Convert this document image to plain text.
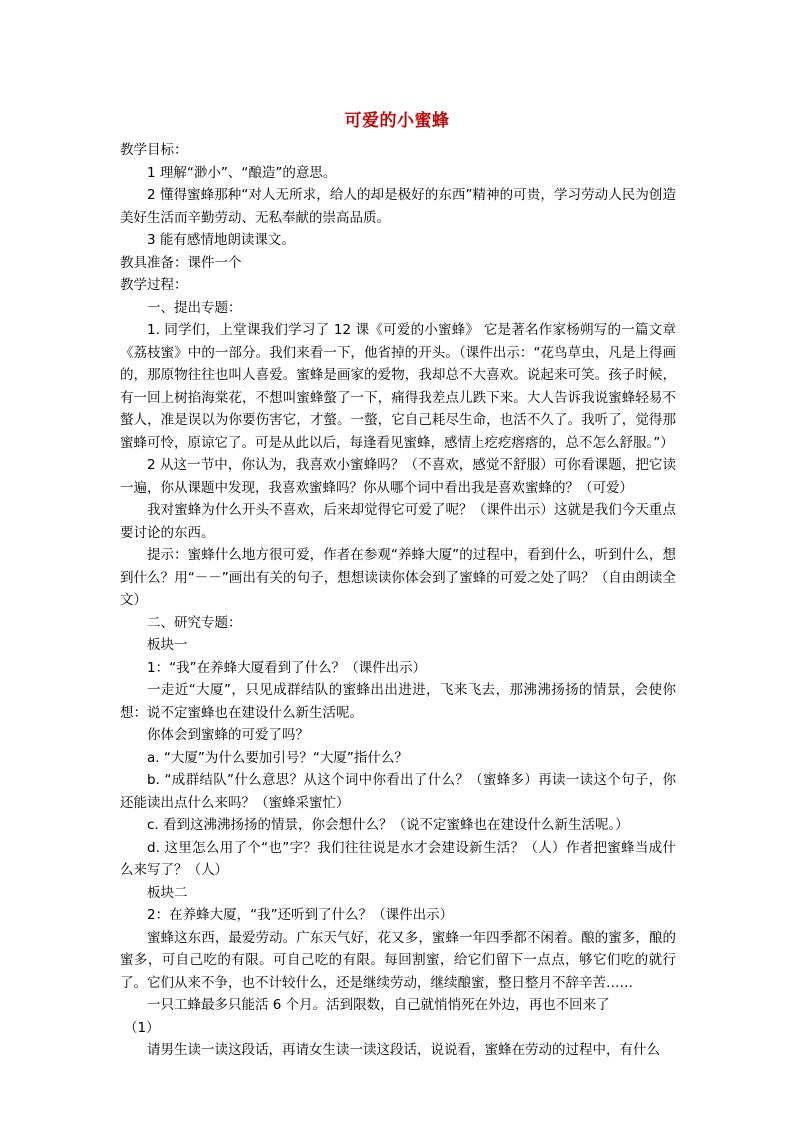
可爱的小蜜蜂

教学目标：

1 理解“渺小”、“酿造”的意思。

2 懂得蜜蜂那种“对人无所求，给人的却是极好的东西”精神的可贵，学习劳动人民为创造美好生活而辛勤劳动、无私奉献的崇高品质。

3 能有感情地朗读课文。

教具准备：课件一个

教学过程：

一、提出专题：

1. 同学们，上堂课我们学习了 12 课《可爱的小蜜蜂》 它是著名作家杨朔写的一篇文章《荔枝蜜》中的一部分。我们来看一下，他省掉的开头。（课件出示：“花鸟草虫，凡是上得画的，那原物往往也叫人喜爱。蜜蜂是画家的爱物，我却总不大喜欢。说起来可笑。孩子时候，有一回上树掐海棠花，不想叫蜜蜂螫了一下，痛得我差点儿跌下来。大人告诉我说蜜蜂轻易不螫人，准是误以为你要伤害它，才螫。一螫，它自己耗尽生命，也活不久了。我听了，觉得那蜜蜂可怜，原谅它了。可是从此以后，每逢看见蜜蜂，感情上疙疙瘩瘩的，总不怎么舒服。”）

2 从这一节中，你认为，我喜欢小蜜蜂吗？（不喜欢，感觉不舒服）可你看课题，把它读一遍，你从课题中发现，我喜欢蜜蜂吗？你从哪个词中看出我是喜欢蜜蜂的？（可爱）

我对蜜蜂为什么开头不喜欢，后来却觉得它可爱了呢？（课件出示）这就是我们今天重点要讨论的东西。

提示：蜜蜂什么地方很可爱，作者在参观“养蜂大厦”的过程中，看到什么，听到什么，想到什么？用“－－”画出有关的句子，想想读读你体会到了蜜蜂的可爱之处了吗？（自由朗读全文）

二、研究专题：

板块一

1：“我”在养蜂大厦看到了什么？（课件出示）

一走近“大厦”，只见成群结队的蜜蜂出出进进，飞来飞去，那沸沸扬扬的情景，会使你想：说不定蜜蜂也在建设什么新生活呢。

你体会到蜜蜂的可爱了吗？

a. “大厦”为什么要加引号？“大厦”指什么？

b. “成群结队”什么意思？从这个词中你看出了什么？（蜜蜂多）再读一读这个句子，你还能读出点什么来吗？（蜜蜂采蜜忙）

c. 看到这沸沸扬扬的情景，你会想什么？（说不定蜜蜂也在建设什么新生活呢。）

d. 这里怎么用了个“也”字？我们往往说是水才会建设新生活？（人）作者把蜜蜂当成什么来写了？（人）

板块二

2：在养蜂大厦，“我”还听到了什么？（课件出示）

蜜蜂这东西，最爱劳动。广东天气好，花又多，蜜蜂一年四季都不闲着。酿的蜜多，酿的蜜多，可自己吃的有限。可自己吃的有限。每回割蜜，给它们留下一点点，够它们吃的就行了。它们从来不争，也不计较什么，还是继续劳动，继续酿蜜，整日整月不辞辛苦……

一只工蜂最多只能活 6 个月。活到限数，自己就悄悄死在外边，再也不回来了

（1）

请男生读一读这段话，再请女生读一读这段话，说说看，蜜蜂在劳动的过程中，有什么
